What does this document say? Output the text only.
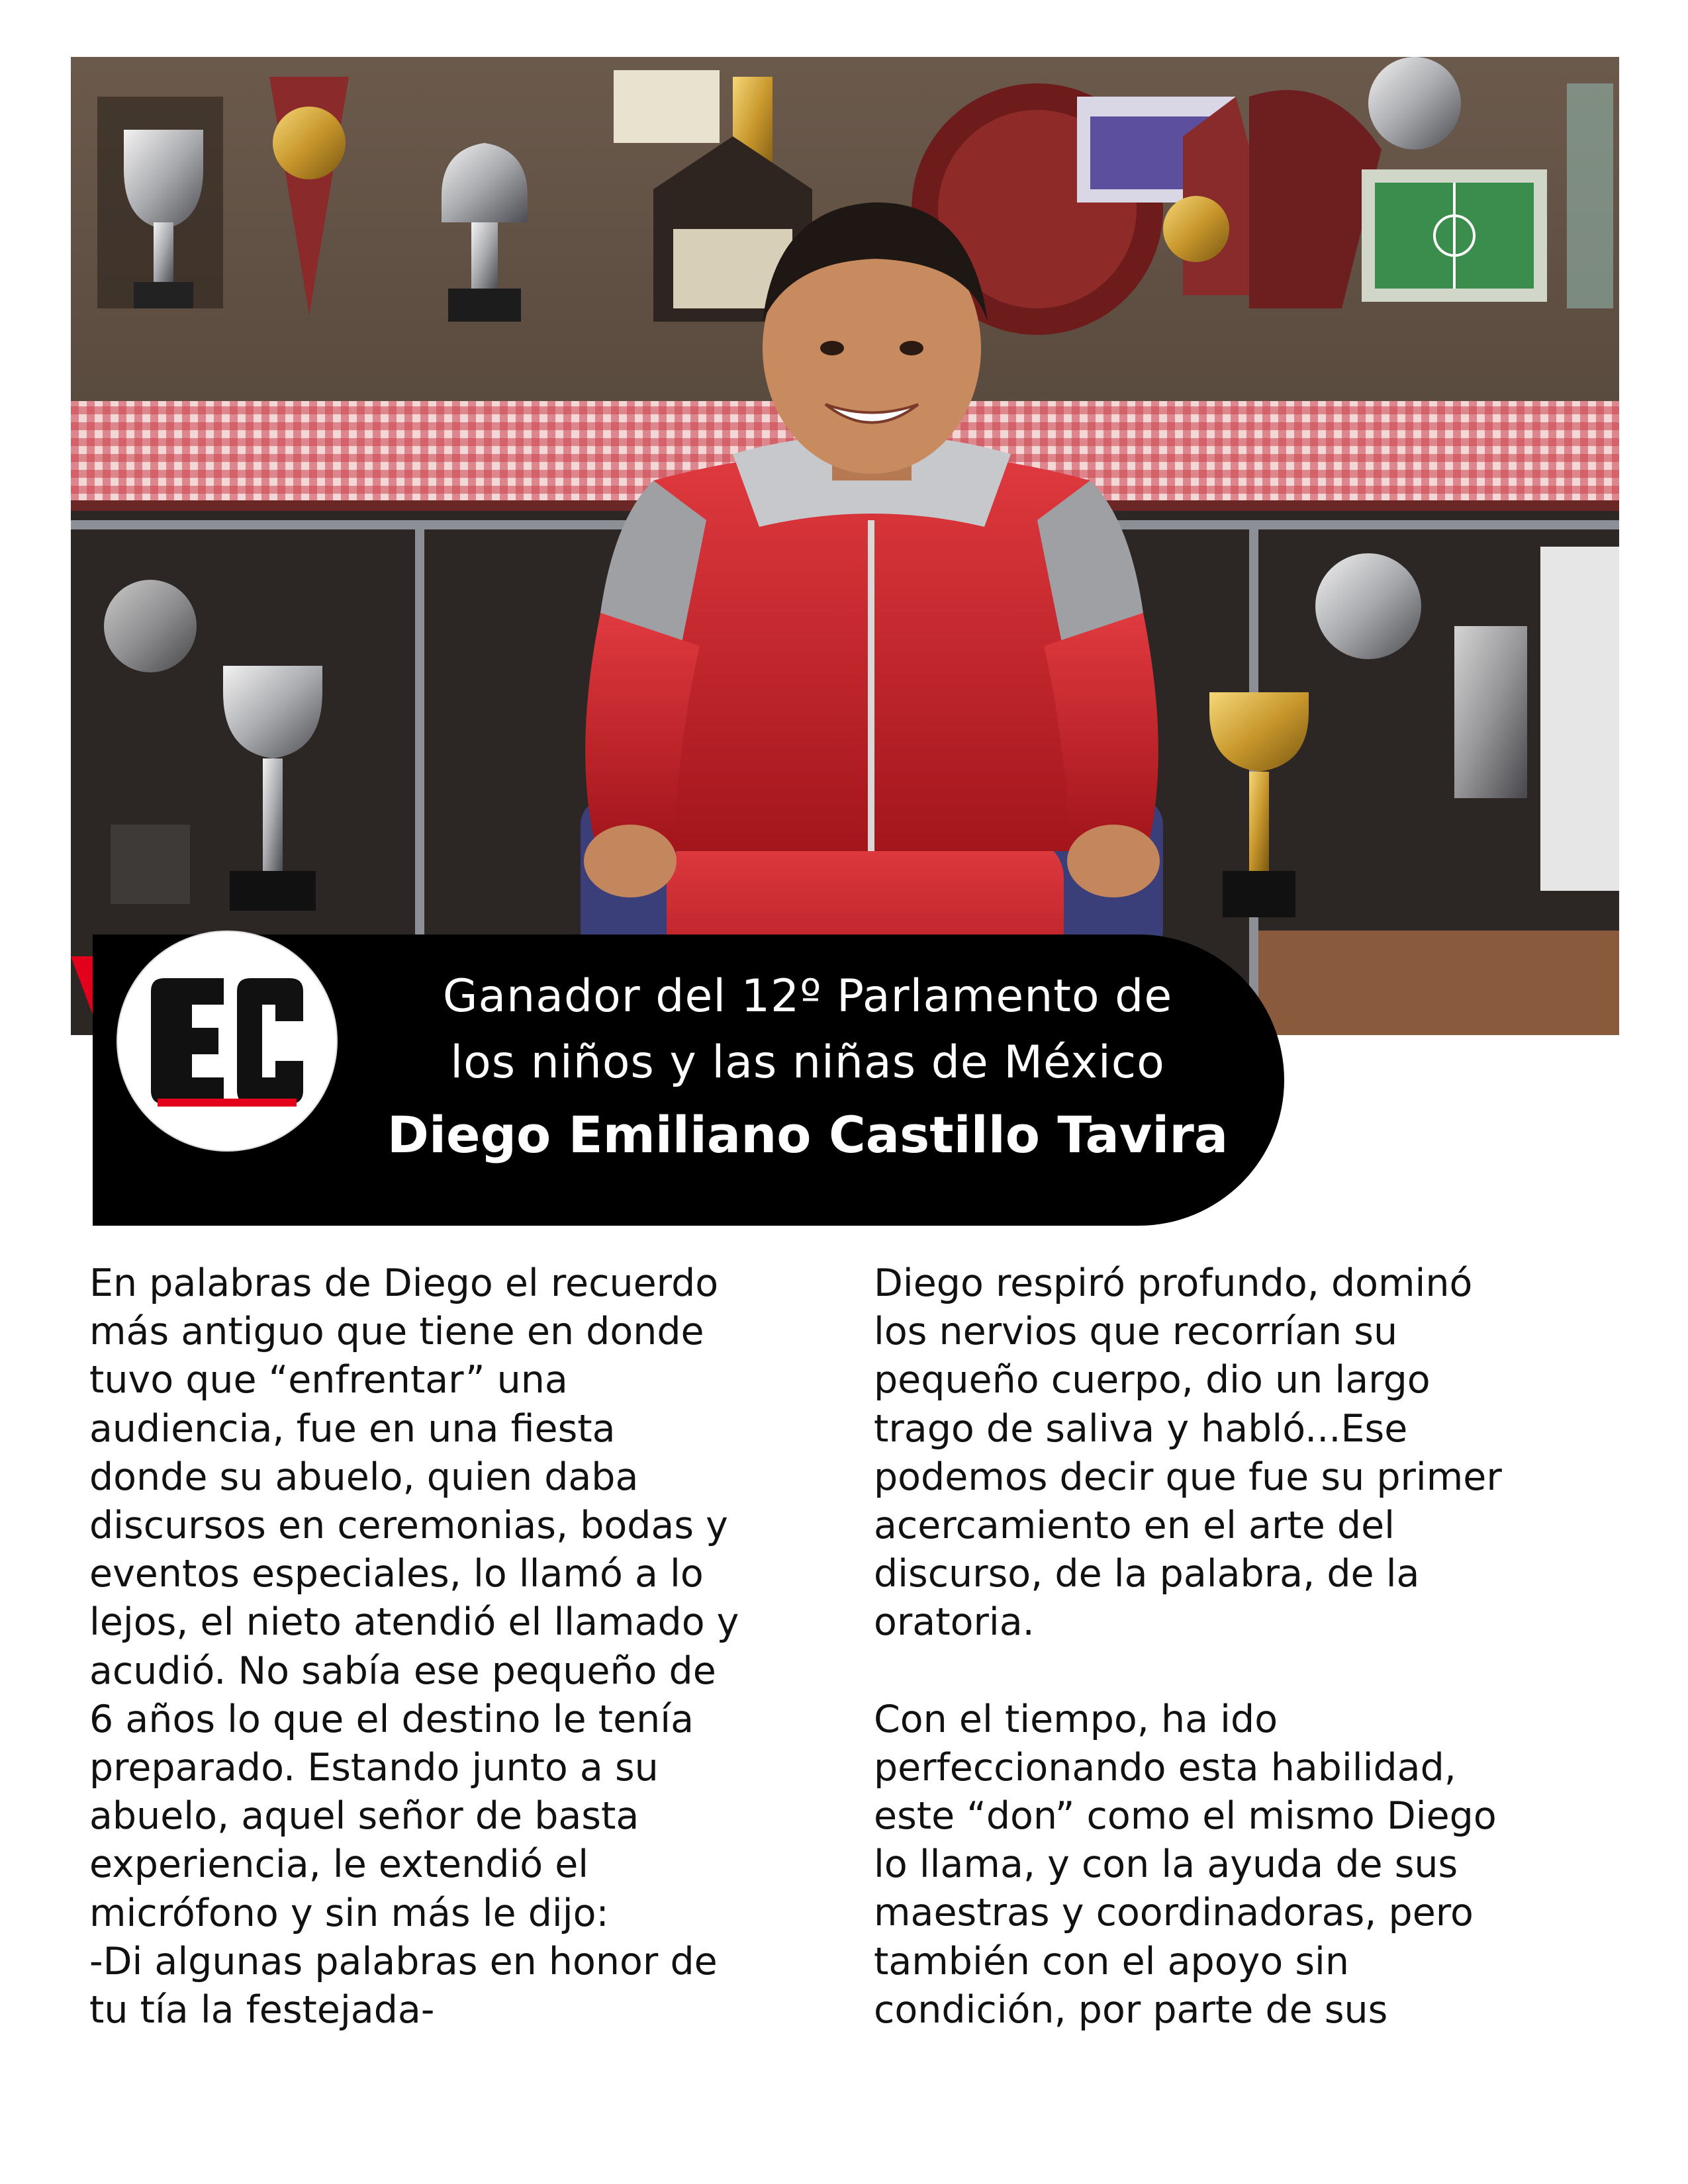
Ganador del 12º Parlamento de
los niños y las niñas de México
Diego Emiliano Castillo Tavira

En palabras de Diego el recuerdo
más antiguo que tiene en donde
tuvo que “enfrentar” una
audiencia, fue en una fiesta
donde su abuelo, quien daba
discursos en ceremonias, bodas y
eventos especiales, lo llamó a lo
lejos, el nieto atendió el llamado y
acudió. No sabía ese pequeño de
6 años lo que el destino le tenía
preparado. Estando junto a su
abuelo, aquel señor de basta
experiencia, le extendió el
micrófono y sin más le dijo:
-Di algunas palabras en honor de
tu tía la festejada-

Diego respiró profundo, dominó
los nervios que recorrían su
pequeño cuerpo, dio un largo
trago de saliva y habló...Ese
podemos decir que fue su primer
acercamiento en el arte del
discurso, de la palabra, de la
oratoria.

Con el tiempo, ha ido
perfeccionando esta habilidad,
este “don” como el mismo Diego
lo llama, y con la ayuda de sus
maestras y coordinadoras, pero
también con el apoyo sin
condición, por parte de sus
